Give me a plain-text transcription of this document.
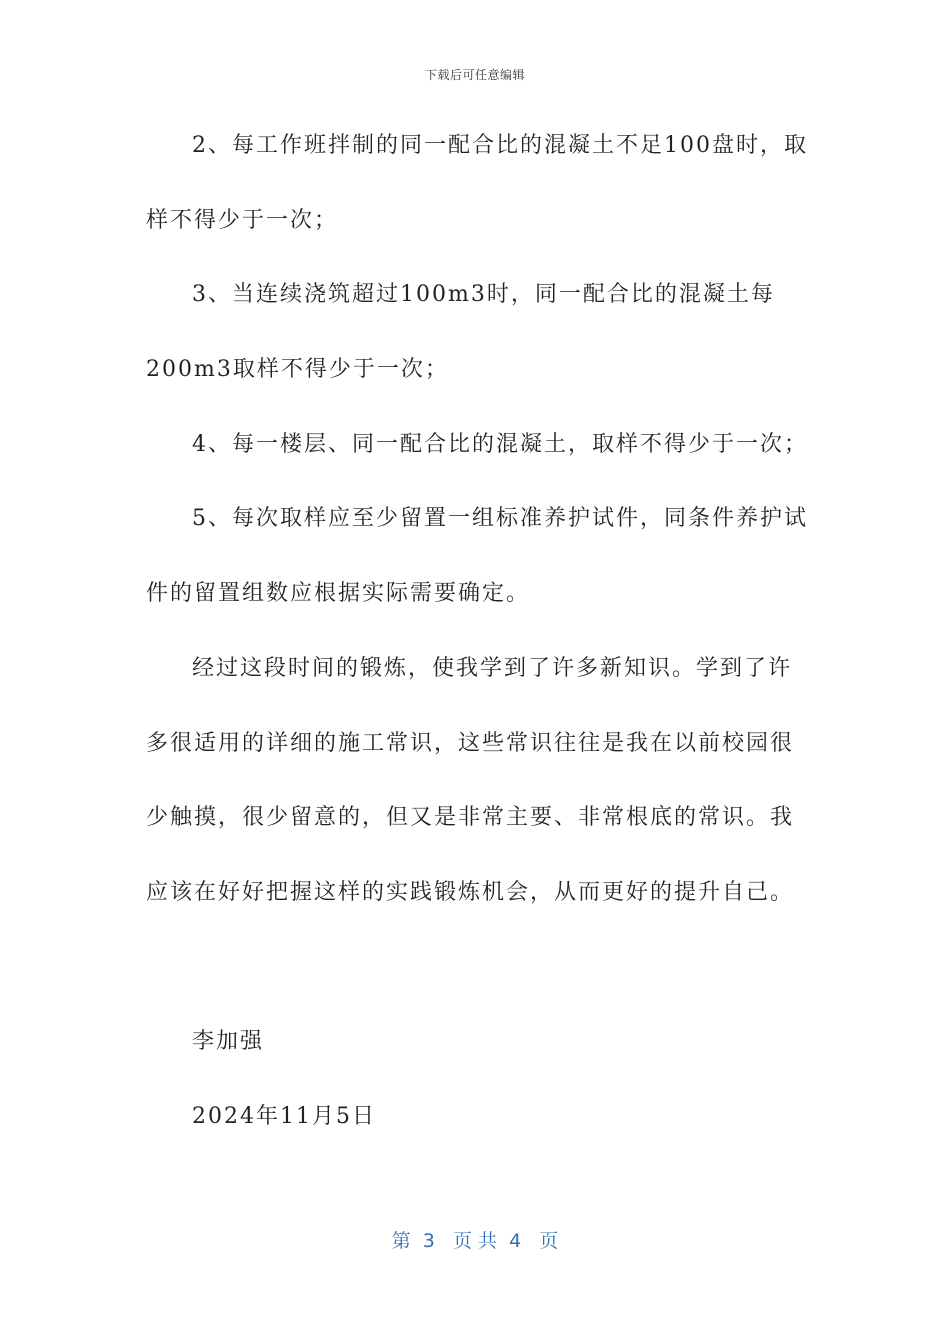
下载后可任意编辑
2、每工作班拌制的同一配合比的混凝土不足100盘时，取
样不得少于一次；
3、当连续浇筑超过100m3时，同一配合比的混凝土每
200m3取样不得少于一次；
4、每一楼层、同一配合比的混凝土，取样不得少于一次；
5、每次取样应至少留置一组标准养护试件，同条件养护试
件的留置组数应根据实际需要确定。
经过这段时间的锻炼，使我学到了许多新知识。学到了许
多很适用的详细的施工常识，这些常识往往是我在以前校园很
少触摸，很少留意的，但又是非常主要、非常根底的常识。我
应该在好好把握这样的实践锻炼机会，从而更好的提升自己。
李加强
2024年11月5日
第  3   页 共  4   页
